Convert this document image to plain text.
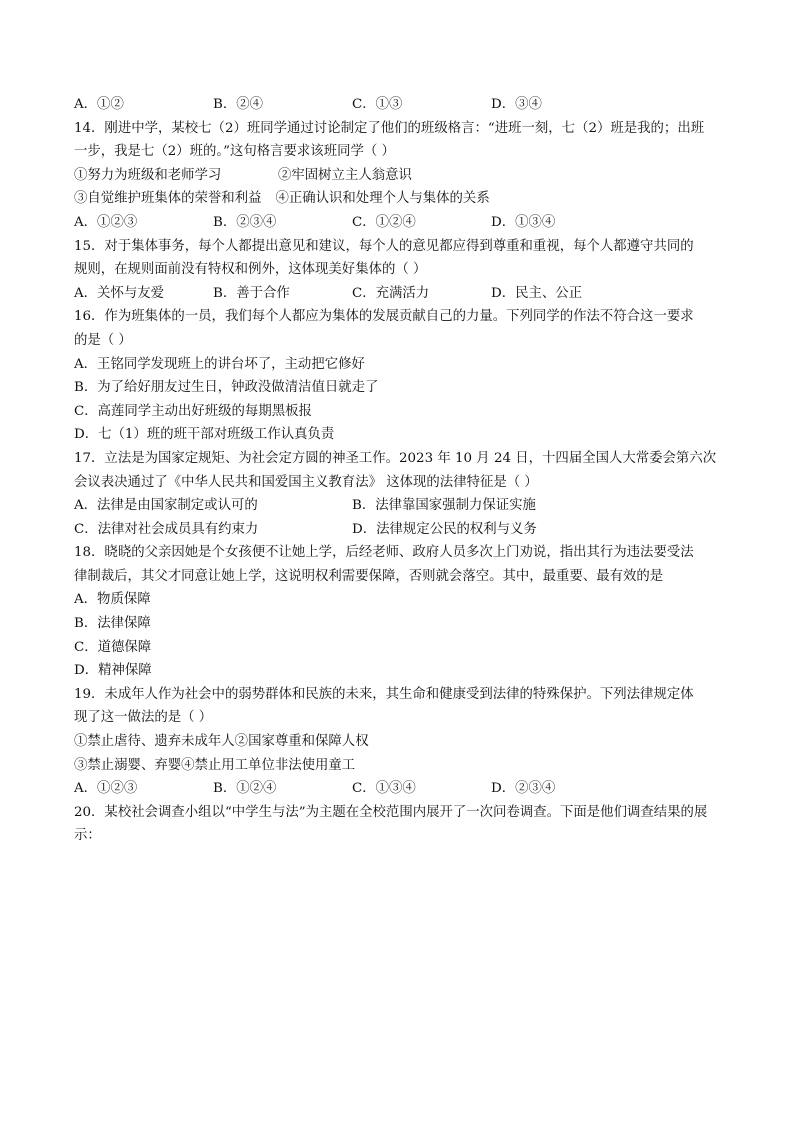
A．①②	B．②④	C．①③	D．③④
14．刚进中学，某校七（2）班同学通过讨论制定了他们的班级格言：“进班一刻，七（2）班是我的；出班
一步，我是七（2）班的。”这句格言要求该班同学（ ）
①努力为班级和老师学习	②牢固树立主人翁意识
③自觉维护班集体的荣誉和利益 ④正确认识和处理个人与集体的关系
A．①②③	B．②③④	C．①②④	D．①③④
15．对于集体事务，每个人都提出意见和建议，每个人的意见都应得到尊重和重视，每个人都遵守共同的
规则，在规则面前没有特权和例外，这体现美好集体的（ ）
A．关怀与友爱	B．善于合作	C．充满活力	D．民主、公正
16．作为班集体的一员，我们每个人都应为集体的发展贡献自己的力量。下列同学的作法不符合这一要求
的是（ ）
A．王铭同学发现班上的讲台坏了，主动把它修好
B．为了给好朋友过生日，钟政没做清洁值日就走了
C．高莲同学主动出好班级的每期黑板报
D．七（1）班的班干部对班级工作认真负责
17．立法是为国家定规矩、为社会定方圆的神圣工作。2023 年 10 月 24 日，十四届全国人大常委会第六次
会议表决通过了《中华人民共和国爱国主义教育法》 这体现的法律特征是（ ）
A．法律是由国家制定或认可的	B．法律靠国家强制力保证实施
C．法律对社会成员具有约束力	D．法律规定公民的权利与义务
18．晓晓的父亲因她是个女孩便不让她上学，后经老师、政府人员多次上门劝说，指出其行为违法要受法
律制裁后，其父才同意让她上学，这说明权利需要保障，否则就会落空。其中，最重要、最有效的是
A．物质保障
B．法律保障
C．道德保障
D．精神保障
19．未成年人作为社会中的弱势群体和民族的未来，其生命和健康受到法律的特殊保护。下列法律规定体
现了这一做法的是（ ）
①禁止虐待、遗弃未成年人②国家尊重和保障人权
③禁止溺婴、弃婴④禁止用工单位非法使用童工
A．①②③	B．①②④	C．①③④	D．②③④
20．某校社会调查小组以“中学生与法”为主题在全校范围内展开了一次问卷调查。下面是他们调查结果的展
示：
